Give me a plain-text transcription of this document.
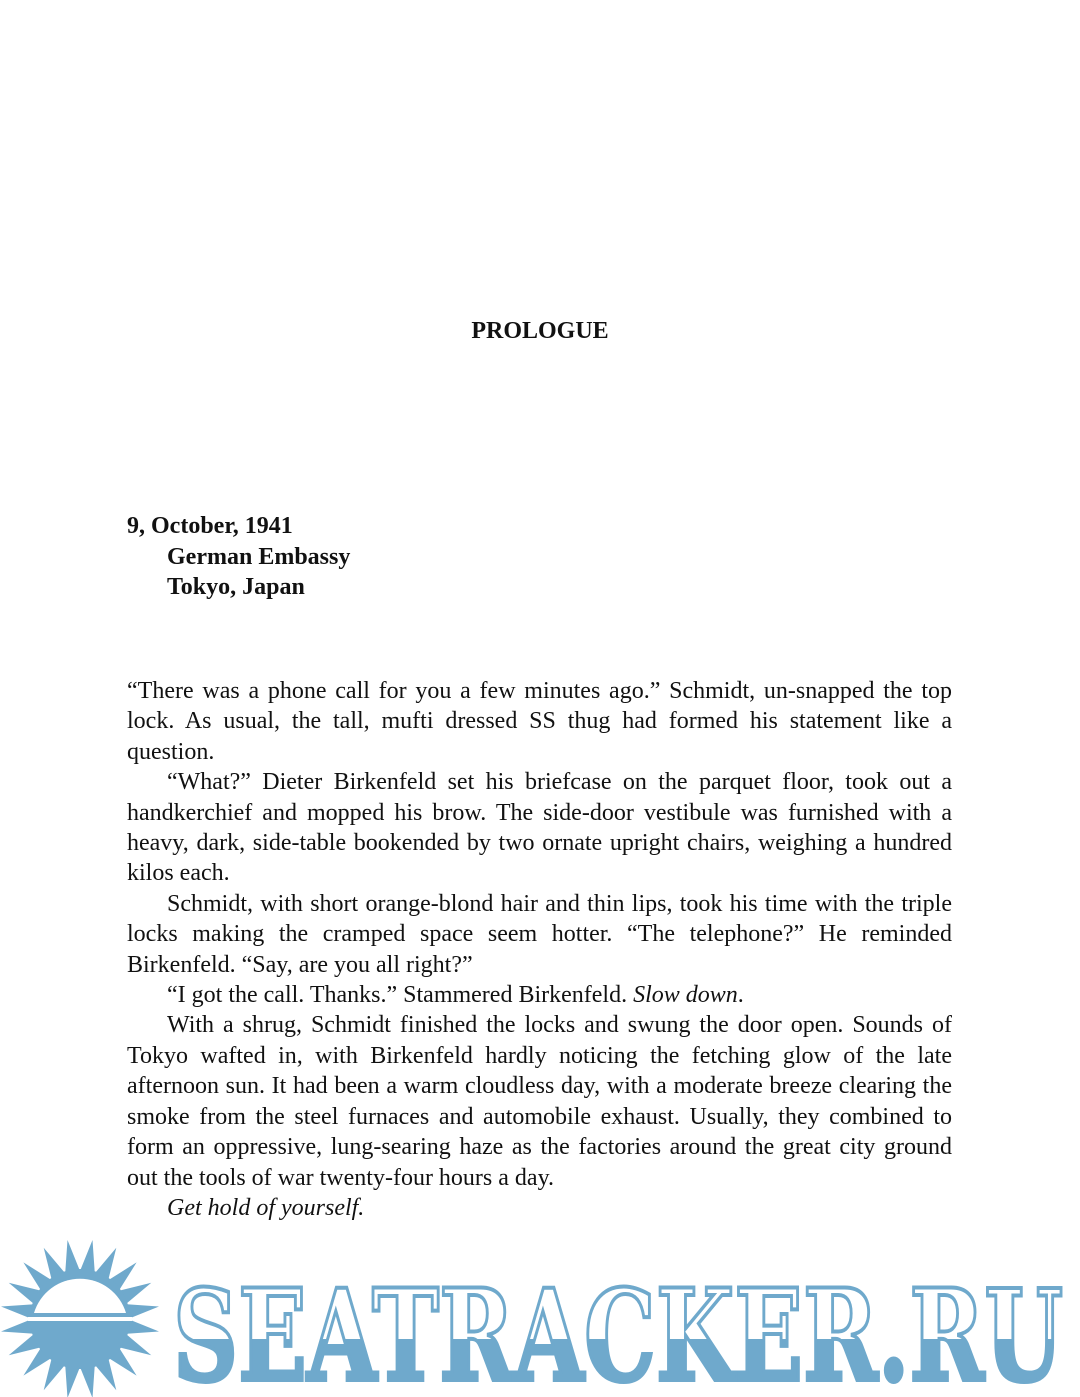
PROLOGUE
9, October, 1941
German Embassy
Tokyo, Japan

“There was a phone call for you a few minutes ago.” Schmidt, un-snapped the top lock. As usual, the tall, mufti dressed SS thug had formed his statement like a question.

“What?” Dieter Birkenfeld set his briefcase on the parquet floor, took out a handkerchief and mopped his brow. The side-door vestibule was furnished with a heavy, dark, side-table bookended by two ornate upright chairs, weighing a hundred kilos each.

Schmidt, with short orange-blond hair and thin lips, took his time with the triple locks making the cramped space seem hotter. “The telephone?” He reminded Birkenfeld. “Say, are you all right?”

“I got the call. Thanks.” Stammered Birkenfeld. Slow down.

With a shrug, Schmidt finished the locks and swung the door open. Sounds of Tokyo wafted in, with Birkenfeld hardly noticing the fetching glow of the late afternoon sun. It had been a warm cloudless day, with a moderate breeze clearing the smoke from the steel furnaces and automobile exhaust. Usually, they combined to form an oppressive, lung-searing haze as the factories around the great city ground out the tools of war twenty-four hours a day.

Get hold of yourself.

SEATRACKER.RU
